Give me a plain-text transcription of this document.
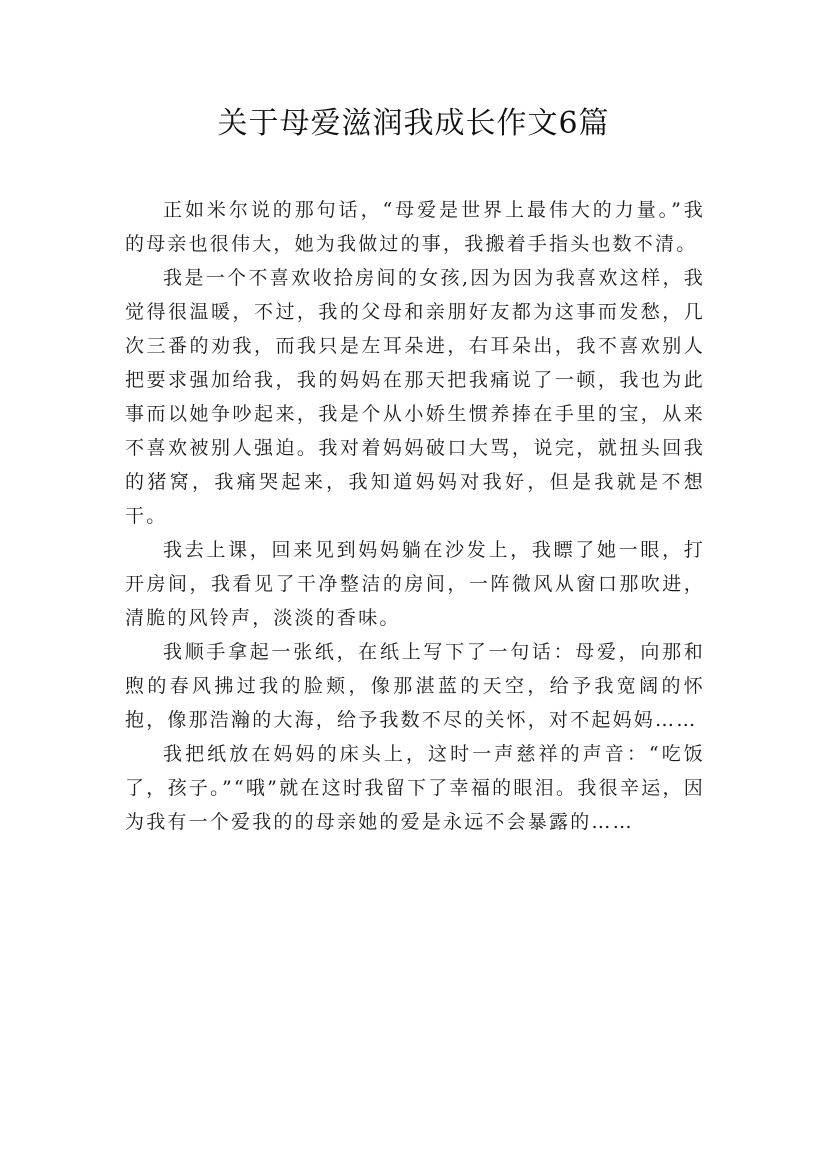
关于母爱滋润我成长作文6篇

正如米尔说的那句话，“母爱是世界上最伟大的力量。”我的母亲也很伟大，她为我做过的事，我搬着手指头也数不清。

我是一个不喜欢收拾房间的女孩,因为因为我喜欢这样，我觉得很温暖，不过，我的父母和亲朋好友都为这事而发愁，几次三番的劝我，而我只是左耳朵进，右耳朵出，我不喜欢别人把要求强加给我，我的妈妈在那天把我痛说了一顿，我也为此事而以她争吵起来，我是个从小娇生惯养捧在手里的宝，从来不喜欢被别人强迫。我对着妈妈破口大骂，说完，就扭头回我的猪窝，我痛哭起来，我知道妈妈对我好，但是我就是不想干。

我去上课，回来见到妈妈躺在沙发上，我瞟了她一眼，打开房间，我看见了干净整洁的房间，一阵微风从窗口那吹进，清脆的风铃声，淡淡的香味。

我顺手拿起一张纸，在纸上写下了一句话：母爱，向那和煦的春风拂过我的脸颊，像那湛蓝的天空，给予我宽阔的怀抱，像那浩瀚的大海，给予我数不尽的关怀，对不起妈妈……

我把纸放在妈妈的床头上，这时一声慈祥的声音：“吃饭了，孩子。”“哦”就在这时我留下了幸福的眼泪。我很辛运，因为我有一个爱我的的母亲她的爱是永远不会暴露的……
